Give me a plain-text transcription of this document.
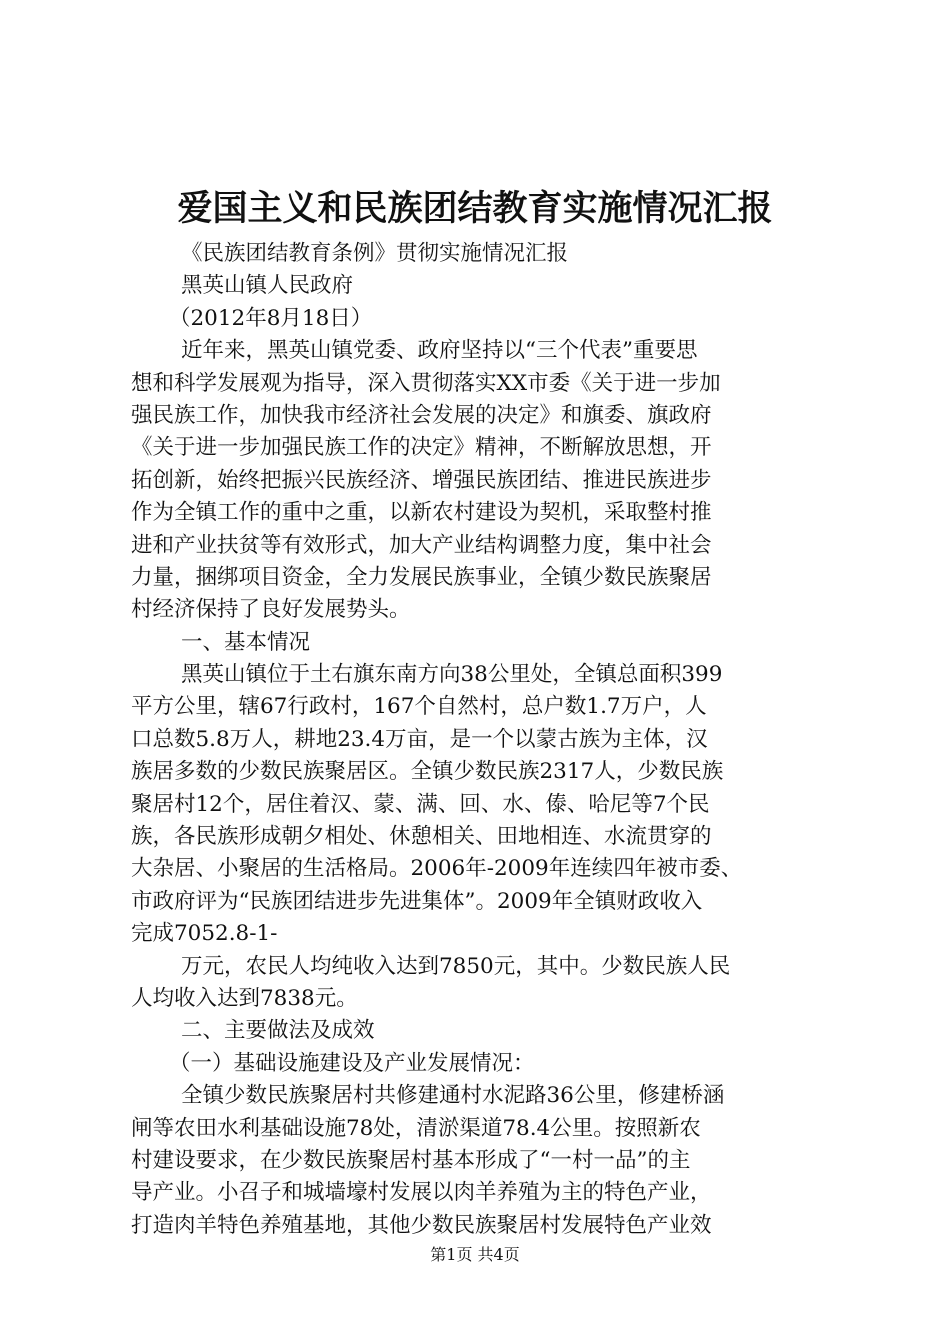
爱国主义和民族团结教育实施情况汇报
《民族团结教育条例》贯彻实施情况汇报
黑英山镇人民政府
（2012年8月18日）
近年来，黑英山镇党委、政府坚持以“三个代表”重要思
想和科学发展观为指导，深入贯彻落实XX市委《关于进一步加
强民族工作，加快我市经济社会发展的决定》和旗委、旗政府
《关于进一步加强民族工作的决定》精神，不断解放思想，开
拓创新，始终把振兴民族经济、增强民族团结、推进民族进步
作为全镇工作的重中之重，以新农村建设为契机，采取整村推
进和产业扶贫等有效形式，加大产业结构调整力度，集中社会
力量，捆绑项目资金，全力发展民族事业，全镇少数民族聚居
村经济保持了良好发展势头。
一、基本情况
黑英山镇位于土右旗东南方向38公里处，全镇总面积399
平方公里，辖67行政村，167个自然村，总户数1.7万户，人
口总数5.8万人，耕地23.4万亩，是一个以蒙古族为主体，汉
族居多数的少数民族聚居区。全镇少数民族2317人，少数民族
聚居村12个，居住着汉、蒙、满、回、水、傣、哈尼等7个民
族，各民族形成朝夕相处、休憩相关、田地相连、水流贯穿的
大杂居、小聚居的生活格局。2006年-2009年连续四年被市委、
市政府评为“民族团结进步先进集体”。2009年全镇财政收入
完成7052.8-1-
万元，农民人均纯收入达到7850元，其中。少数民族人民
人均收入达到7838元。
二、主要做法及成效
（一）基础设施建设及产业发展情况：
全镇少数民族聚居村共修建通村水泥路36公里，修建桥涵
闸等农田水利基础设施78处，清淤渠道78.4公里。按照新农
村建设要求，在少数民族聚居村基本形成了“一村一品”的主
导产业。小召子和城墙壕村发展以肉羊养殖为主的特色产业，
打造肉羊特色养殖基地，其他少数民族聚居村发展特色产业效
第1页 共4页
